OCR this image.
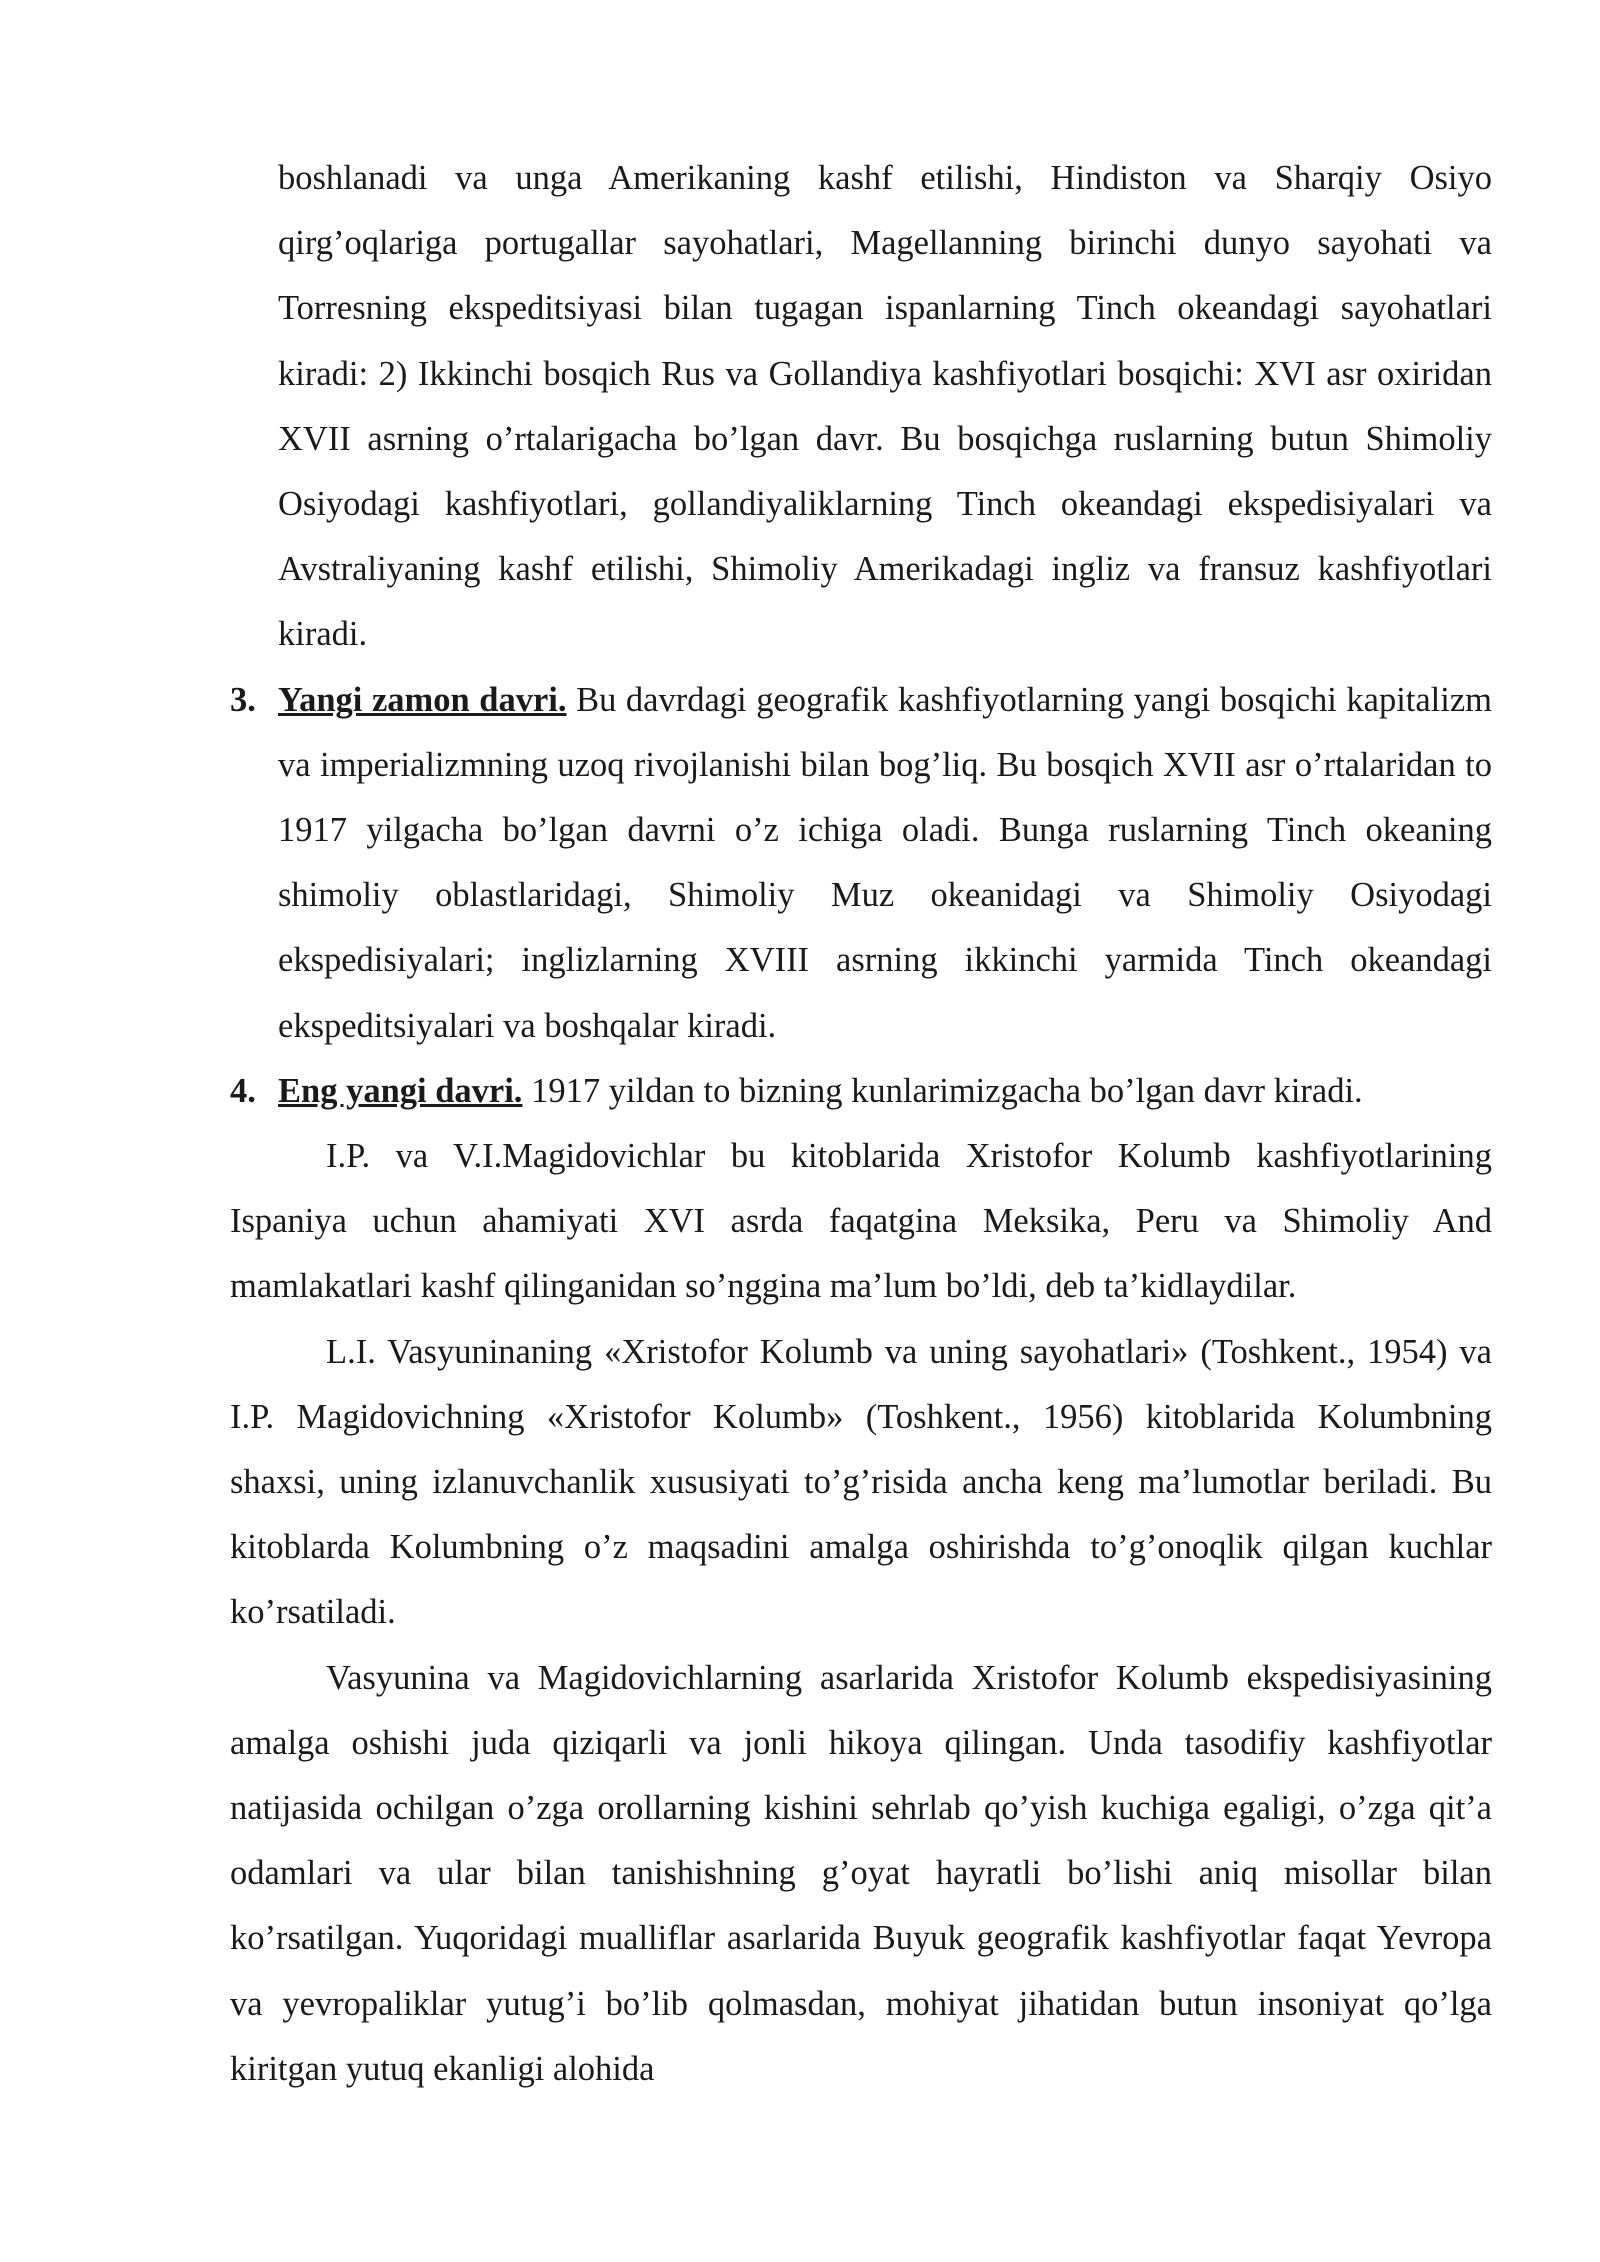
boshlanadi va unga Amerikaning kashf etilishi, Hindiston va Sharqiy Osiyo qirg’oqlariga portugallar sayohatlari, Magellanning birinchi dunyo sayohati va Torresning ekspeditsiyasi bilan tugagan ispanlarning Tinch okeandagi sayohatlari kiradi: 2) Ikkinchi bosqich Rus va Gollandiya kashfiyotlari bosqichi: XVI asr oxiridan XVII asrning o’rtalarigacha bo’lgan davr. Bu bosqichga ruslarning butun Shimoliy Osiyodagi kashfiyotlari, gollandiyaliklarning Tinch okeandagi ekspedisiyalari va Avstraliyaning kashf etilishi, Shimoliy Amerikadagi ingliz va fransuz kashfiyotlari kiradi.

3. Yangi zamon davri. Bu davrdagi geografik kashfiyotlarning yangi bosqichi kapitalizm va imperializmning uzoq rivojlanishi bilan bog’liq. Bu bosqich XVII asr o’rtalaridan to 1917 yilgacha bo’lgan davrni o’z ichiga oladi. Bunga ruslarning Tinch okeaning shimoliy oblastlaridagi, Shimoliy Muz okeanidagi va Shimoliy Osiyodagi ekspedisiyalari; inglizlarning XVIII asrning ikkinchi yarmida Tinch okeandagi ekspeditsiyalari va boshqalar kiradi.

4. Eng yangi davri. 1917 yildan to bizning kunlarimizgacha bo’lgan davr kiradi.

I.P. va V.I.Magidovichlar bu kitoblarida Xristofor Kolumb kashfiyotlarining Ispaniya uchun ahamiyati XVI asrda faqatgina Meksika, Peru va Shimoliy And mamlakatlari kashf qilinganidan so’nggina ma’lum bo’ldi, deb ta’kidlaydilar.

L.I. Vasyuninaning «Xristofor Kolumb va uning sayohatlari» (Toshkent., 1954) va I.P. Magidovichning «Xristofor Kolumb» (Toshkent., 1956) kitoblarida Kolumbning shaxsi, uning izlanuvchanlik xususiyati to’g’risida ancha keng ma’lumotlar beriladi. Bu kitoblarda Kolumbning o’z maqsadini amalga oshirishda to’g’onoqlik qilgan kuchlar ko’rsatiladi.

Vasyunina va Magidovichlarning asarlarida Xristofor Kolumb ekspedisiyasining amalga oshishi juda qiziqarli va jonli hikoya qilingan. Unda tasodifiy kashfiyotlar natijasida ochilgan o’zga orollarning kishini sehrlab qo’yish kuchiga egaligi, o’zga qit’a odamlari va ular bilan tanishishning g’oyat hayratli bo’lishi aniq misollar bilan ko’rsatilgan. Yuqoridagi mualliflar asarlarida Buyuk geografik kashfiyotlar faqat Yevropa va yevropaliklar yutug’i bo’lib qolmasdan, mohiyat jihatidan butun insoniyat qo’lga kiritgan yutuq ekanligi alohida
